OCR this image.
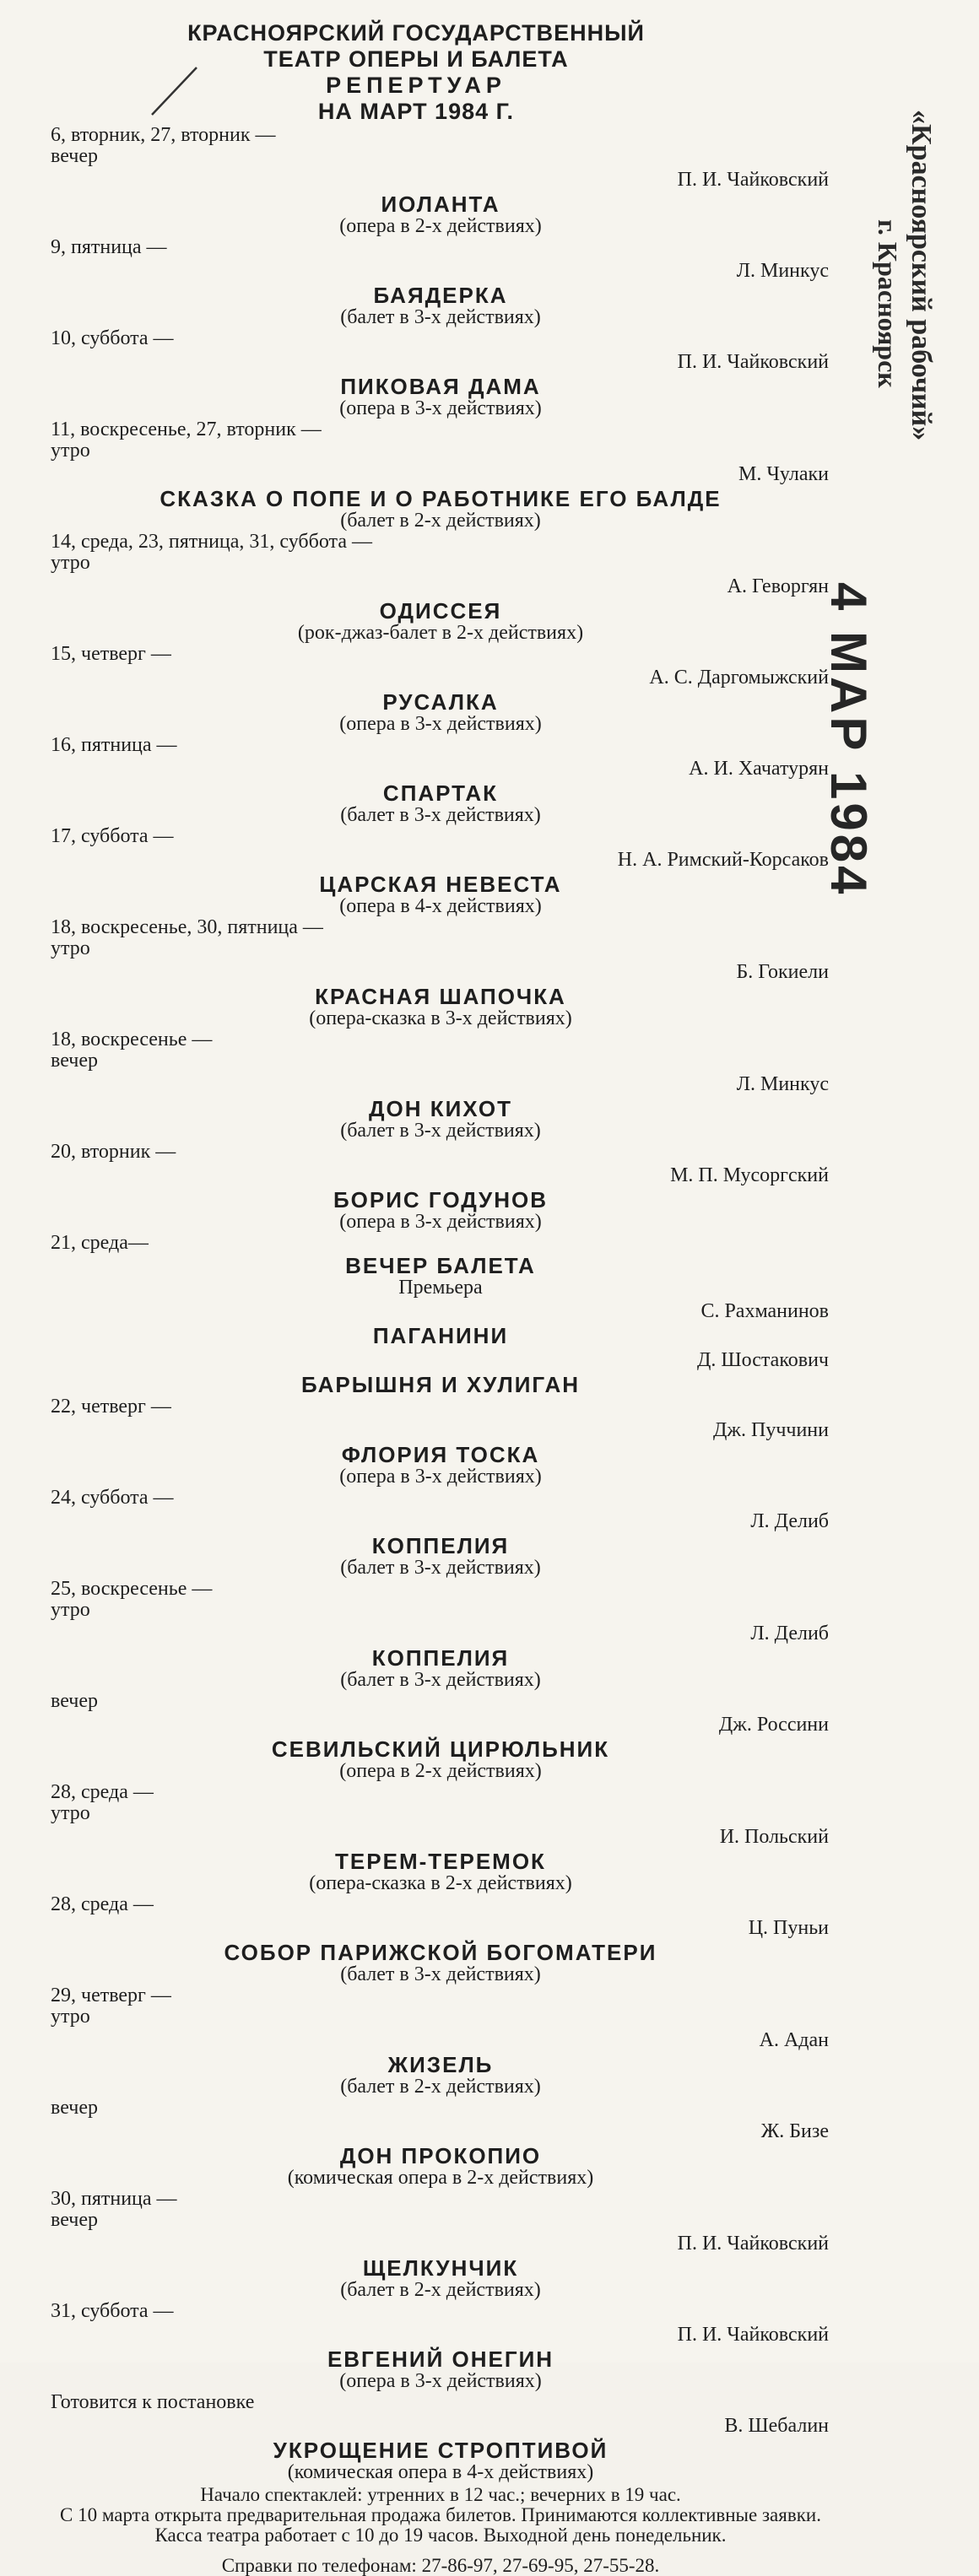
КРАСНОЯРСКИЙ ГОСУДАРСТВЕННЫЙ
ТЕАТР ОПЕРЫ И БАЛЕТА
РЕПЕРТУАР
НА МАРТ 1984 Г.
6, вторник, 27, вторник —
вечер
П. И. Чайковский
ИОЛАНТА
(опера в 2-х действиях)
9, пятница —
Л. Минкус
БАЯДЕРКА
(балет в 3-х действиях)
10, суббота —
П. И. Чайковский
ПИКОВАЯ ДАМА
(опера в 3-х действиях)
11, воскресенье, 27, вторник —
утро
М. Чулаки
СКАЗКА О ПОПЕ И О РАБОТНИКЕ ЕГО БАЛДЕ
(балет в 2-х действиях)
14, среда, 23, пятница, 31, суббота —
утро
А. Геворгян
ОДИССЕЯ
(рок-джаз-балет в 2-х действиях)
15, четверг —
А. С. Даргомыжский
РУСАЛКА
(опера в 3-х действиях)
16, пятница —
А. И. Хачатурян
СПАРТАК
(балет в 3-х действиях)
17, суббота —
Н. А. Римский-Корсаков
ЦАРСКАЯ НЕВЕСТА
(опера в 4-х действиях)
18, воскресенье, 30, пятница —
утро
Б. Гокиели
КРАСНАЯ ШАПОЧКА
(опера-сказка в 3-х действиях)
18, воскресенье —
вечер
Л. Минкус
ДОН КИХОТ
(балет в 3-х действиях)
20, вторник —
М. П. Мусоргский
БОРИС ГОДУНОВ
(опера в 3-х действиях)
21, среда—
ВЕЧЕР БАЛЕТА
Премьера
С. Рахманинов
ПАГАНИНИ
Д. Шостакович
БАРЫШНЯ И ХУЛИГАН
22, четверг —
Дж. Пуччини
ФЛОРИЯ ТОСКА
(опера в 3-х действиях)
24, суббота —
Л. Делиб
КОППЕЛИЯ
(балет в 3-х действиях)
25, воскресенье —
утро
Л. Делиб
КОППЕЛИЯ
(балет в 3-х действиях)
вечер
Дж. Россини
СЕВИЛЬСКИЙ ЦИРЮЛЬНИК
(опера в 2-х действиях)
28, среда —
утро
И. Польский
ТЕРЕМ-ТЕРЕМОК
(опера-сказка в 2-х действиях)
28, среда —
Ц. Пуньи
СОБОР ПАРИЖСКОЙ БОГОМАТЕРИ
(балет в 3-х действиях)
29, четверг —
утро
А. Адан
ЖИЗЕЛЬ
(балет в 2-х действиях)
вечер
Ж. Бизе
ДОН ПРОКОПИО
(комическая опера в 2-х действиях)
30, пятница —
вечер
П. И. Чайковский
ЩЕЛКУНЧИК
(балет в 2-х действиях)
31, суббота —
П. И. Чайковский
ЕВГЕНИЙ ОНЕГИН
(опера в 3-х действиях)
Готовится к постановке
В. Шебалин
УКРОЩЕНИЕ СТРОПТИВОЙ
(комическая опера в 4-х действиях)
Начало спектаклей: утренних в 12 час.; вечерних в 19 час.
С 10 марта открыта предварительная продажа билетов. Принимаются коллективные заявки. Касса театра работает с 10 до 19 часов. Выходной день понедельник.
Справки по телефонам: 27-86-97, 27-69-95, 27-55-28.
«Красноярский рабочий»
г. Красноярск
4 МАР 1984
